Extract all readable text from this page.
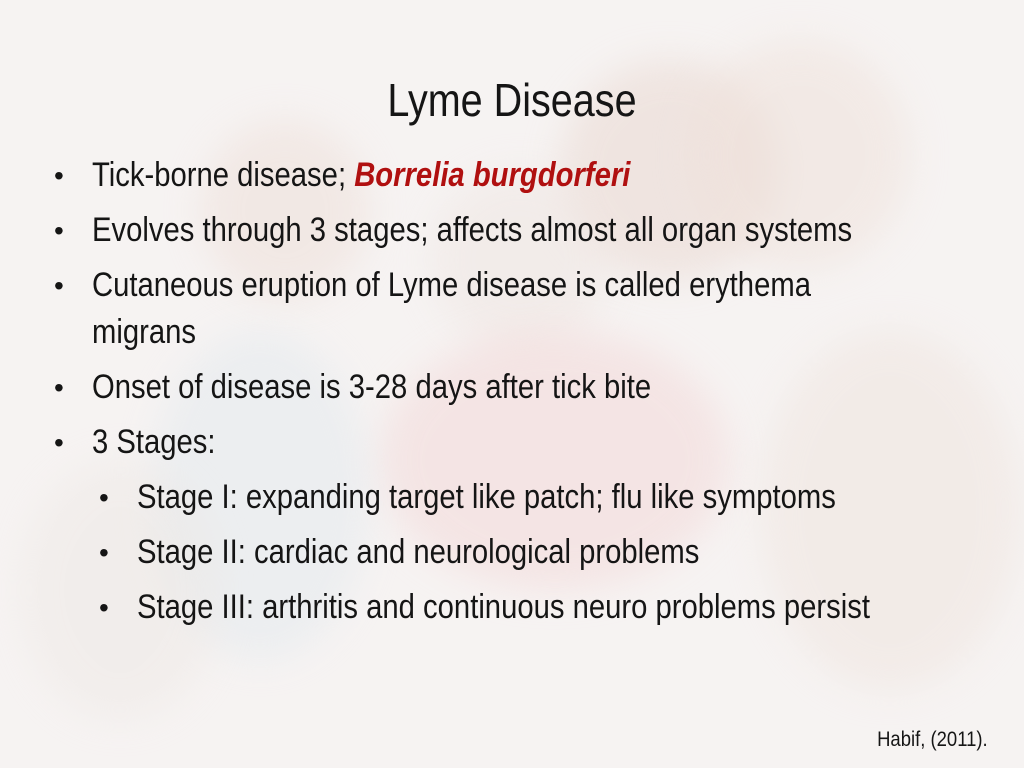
Lyme Disease
• Tick-borne disease; Borrelia burgdorferi
• Evolves through 3 stages; affects almost all organ systems
• Cutaneous eruption of Lyme disease is called erythema migrans
• Onset of disease is 3-28 days after tick bite
• 3 Stages:
• Stage I: expanding target like patch; flu like symptoms
• Stage II: cardiac and neurological problems
• Stage III: arthritis and continuous neuro problems persist
Habif, (2011).
